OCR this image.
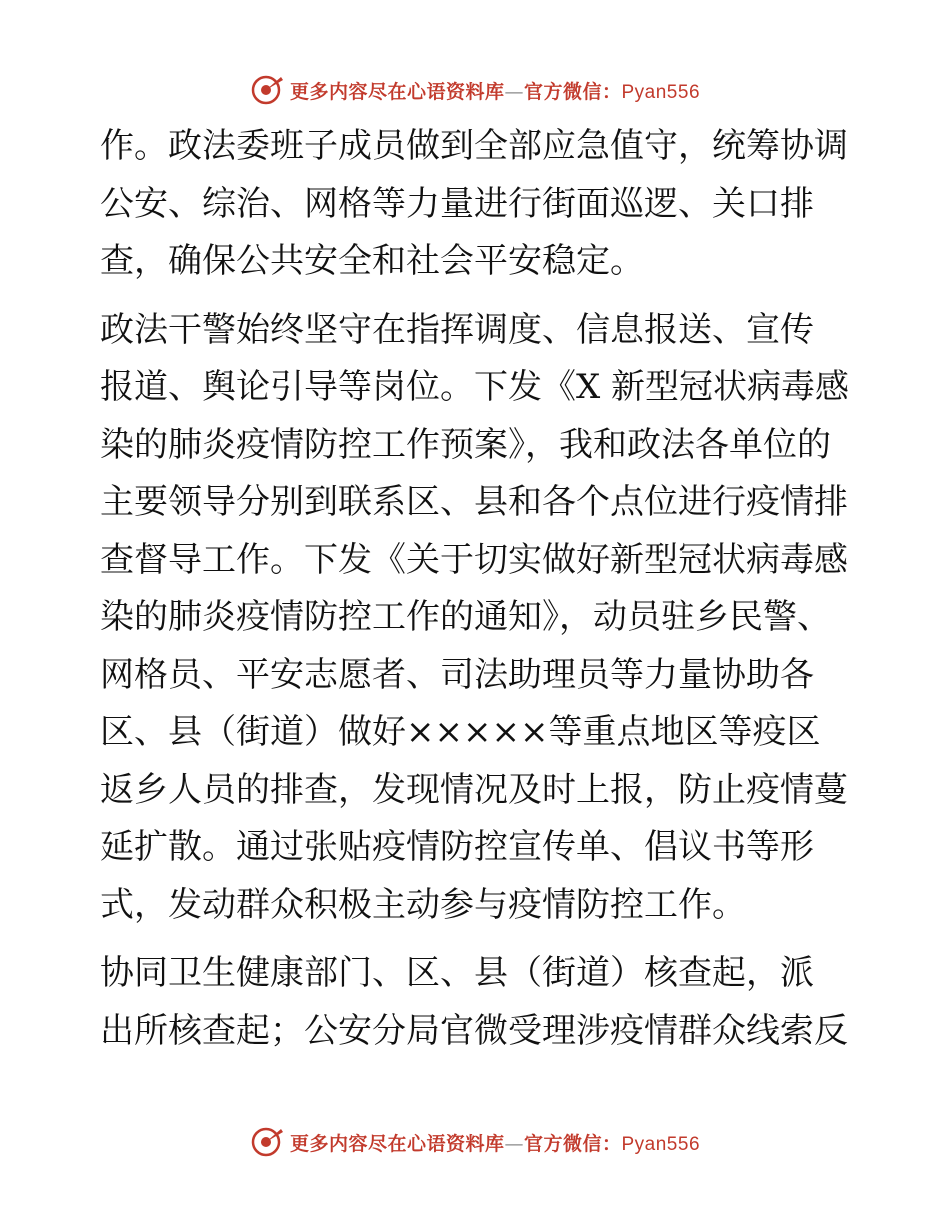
更多内容尽在心语资料库—官方微信：Pyan556

作。政法委班子成员做到全部应急值守，统筹协调

公安、综治、网格等力量进行街面巡逻、关口排

查，确保公共安全和社会平安稳定。

政法干警始终坚守在指挥调度、信息报送、宣传

报道、舆论引导等岗位。下发《X 新型冠状病毒感

染的肺炎疫情防控工作预案》，我和政法各单位的

主要领导分别到联系区、县和各个点位进行疫情排

查督导工作。下发《关于切实做好新型冠状病毒感

染的肺炎疫情防控工作的通知》，动员驻乡民警、

网格员、平安志愿者、司法助理员等力量协助各

区、县（街道）做好×××××等重点地区等疫区

返乡人员的排查，发现情况及时上报，防止疫情蔓

延扩散。通过张贴疫情防控宣传单、倡议书等形

式，发动群众积极主动参与疫情防控工作。

协同卫生健康部门、区、县（街道）核查起，派

出所核查起；公安分局官微受理涉疫情群众线索反

更多内容尽在心语资料库—官方微信：Pyan556
